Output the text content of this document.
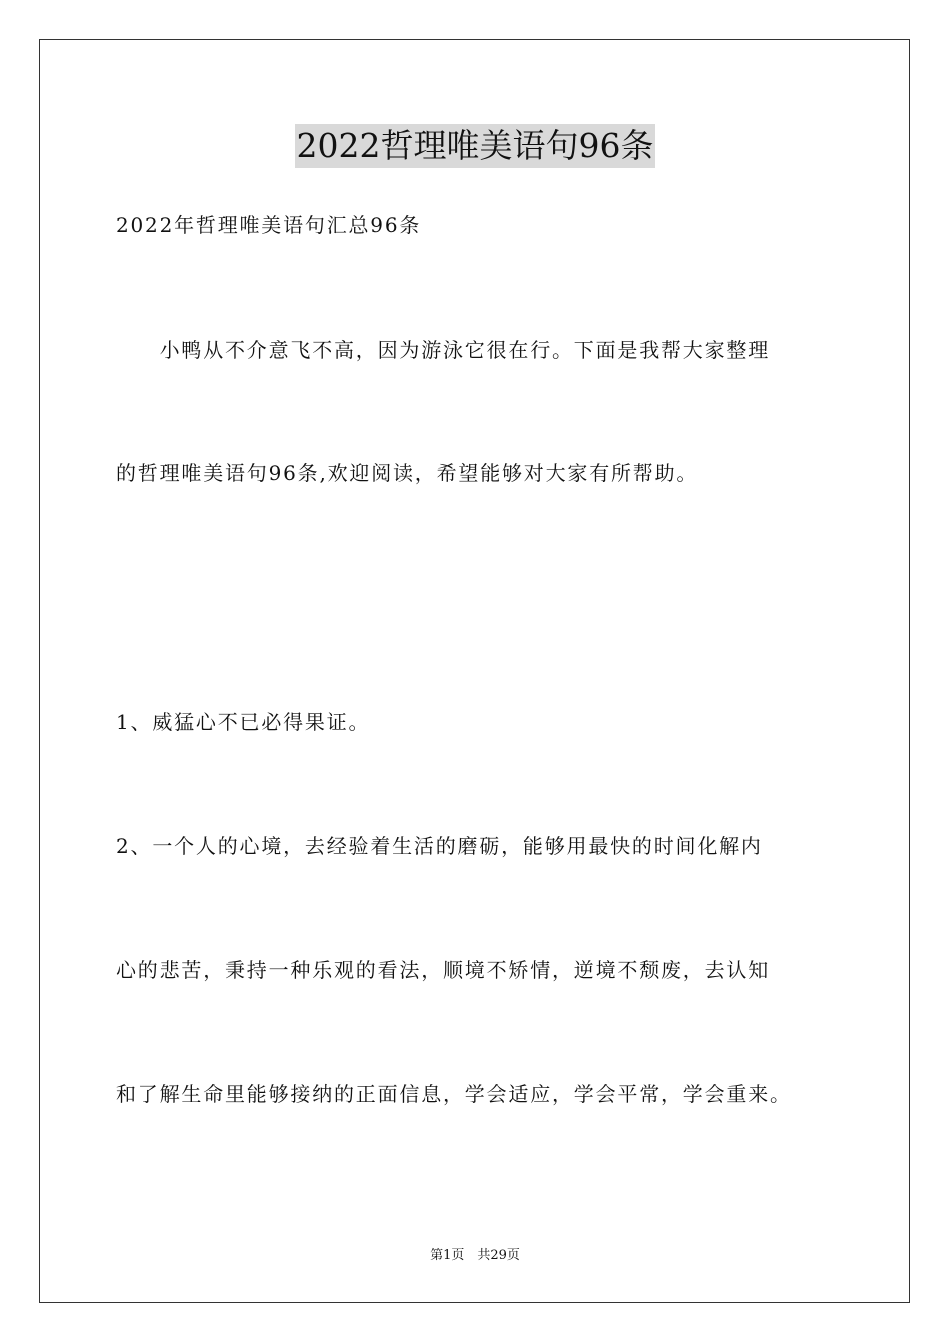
2022哲理唯美语句96条
2022年哲理唯美语句汇总96条
　　小鸭从不介意飞不高，因为游泳它很在行。下面是我帮大家整理
的哲理唯美语句96条,欢迎阅读，希望能够对大家有所帮助。
1、威猛心不已必得果证。
2、一个人的心境，去经验着生活的磨砺，能够用最快的时间化解内
心的悲苦，秉持一种乐观的看法，顺境不矫情，逆境不颓废，去认知
和了解生命里能够接纳的正面信息，学会适应，学会平常，学会重来。
第1页　共29页
